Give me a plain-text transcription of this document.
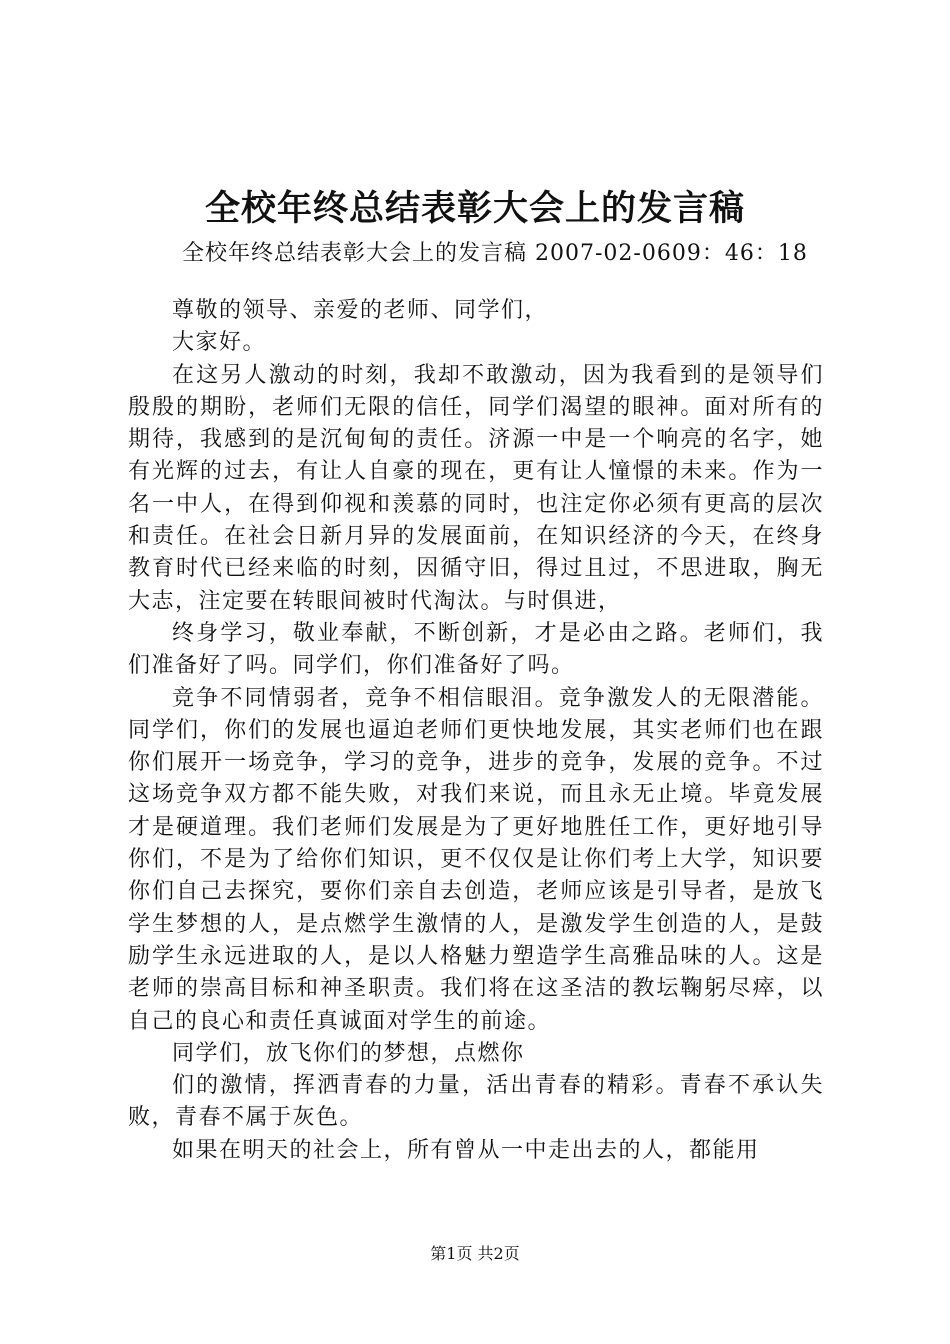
全校年终总结表彰大会上的发言稿
全校年终总结表彰大会上的发言稿 2007-02-0609：46：18

尊敬的领导、亲爱的老师、同学们，

大家好。

在这另人激动的时刻，我却不敢激动，因为我看到的是领导们殷殷的期盼，老师们无限的信任，同学们渴望的眼神。面对所有的期待，我感到的是沉甸甸的责任。济源一中是一个响亮的名字，她有光辉的过去，有让人自豪的现在，更有让人憧憬的未来。作为一名一中人，在得到仰视和羡慕的同时，也注定你必须有更高的层次和责任。在社会日新月异的发展面前，在知识经济的今天，在终身教育时代已经来临的时刻，因循守旧，得过且过，不思进取，胸无大志，注定要在转眼间被时代淘汰。与时俱进，

终身学习，敬业奉献，不断创新，才是必由之路。老师们，我们准备好了吗。同学们，你们准备好了吗。

竞争不同情弱者，竞争不相信眼泪。竞争激发人的无限潜能。同学们，你们的发展也逼迫老师们更快地发展，其实老师们也在跟你们展开一场竞争，学习的竞争，进步的竞争，发展的竞争。不过这场竞争双方都不能失败，对我们来说，而且永无止境。毕竟发展才是硬道理。我们老师们发展是为了更好地胜任工作，更好地引导你们，不是为了给你们知识，更不仅仅是让你们考上大学，知识要你们自己去探究，要你们亲自去创造，老师应该是引导者，是放飞学生梦想的人，是点燃学生激情的人，是激发学生创造的人，是鼓励学生永远进取的人，是以人格魅力塑造学生高雅品味的人。这是老师的崇高目标和神圣职责。我们将在这圣洁的教坛鞠躬尽瘁，以自己的良心和责任真诚面对学生的前途。

同学们，放飞你们的梦想，点燃你

们的激情，挥洒青春的力量，活出青春的精彩。青春不承认失败，青春不属于灰色。

如果在明天的社会上，所有曾从一中走出去的人，都能用

第1页 共2页
